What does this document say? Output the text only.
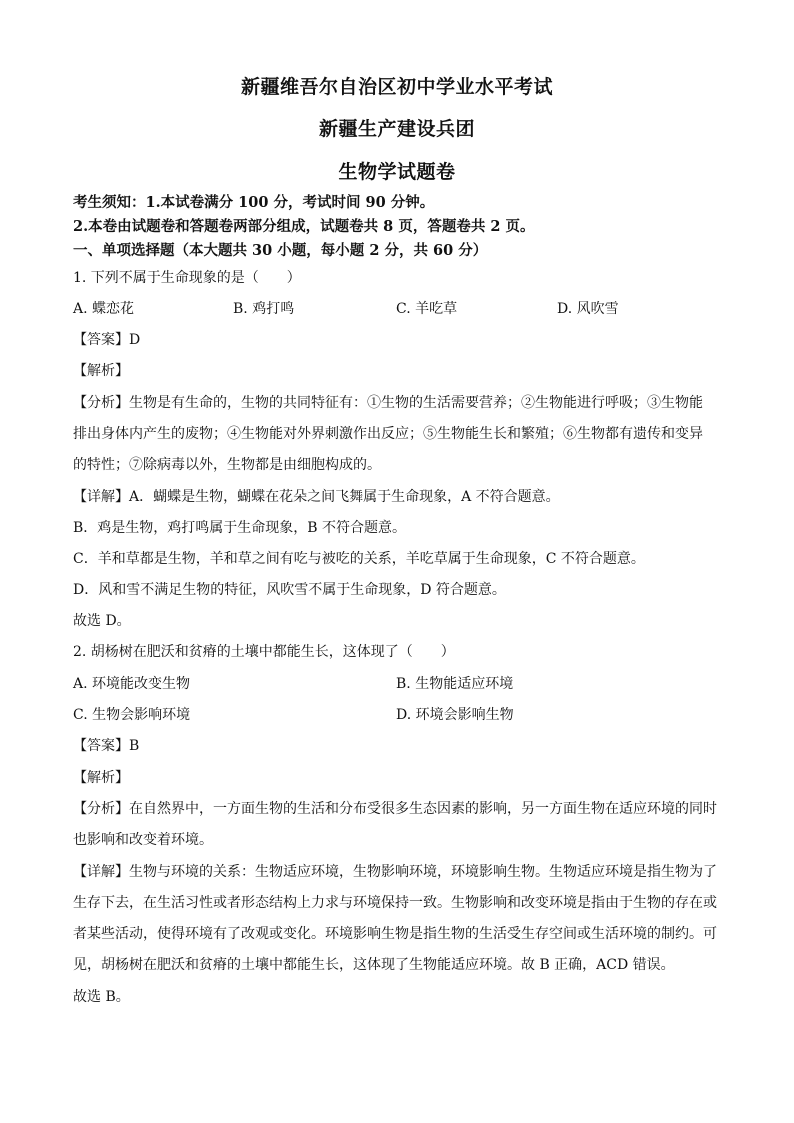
新疆维吾尔自治区初中学业水平考试
新疆生产建设兵团
生物学试题卷
考生须知：1.本试卷满分 100 分，考试时间 90 分钟。
2.本卷由试题卷和答题卷两部分组成，试题卷共 8 页，答题卷共 2 页。
一、单项选择题（本大题共 30 小题，每小题 2 分，共 60 分）
1. 下列不属于生命现象的是（　　）
A. 蝶恋花	B. 鸡打鸣	C. 羊吃草	D. 风吹雪
【答案】D
【解析】
【分析】生物是有生命的，生物的共同特征有：①生物的生活需要营养；②生物能进行呼吸；③生物能
排出身体内产生的废物；④生物能对外界刺激作出反应；⑤生物能生长和繁殖；⑥生物都有遗传和变异
的特性；⑦除病毒以外，生物都是由细胞构成的。
【详解】A．蝴蝶是生物，蝴蝶在花朵之间飞舞属于生命现象，A 不符合题意。
B．鸡是生物，鸡打鸣属于生命现象，B 不符合题意。
C．羊和草都是生物，羊和草之间有吃与被吃的关系，羊吃草属于生命现象，C 不符合题意。
D．风和雪不满足生物的特征，风吹雪不属于生命现象，D 符合题意。
故选 D。
2. 胡杨树在肥沃和贫瘠的土壤中都能生长，这体现了（　　）
A. 环境能改变生物	B. 生物能适应环境
C. 生物会影响环境	D. 环境会影响生物
【答案】B
【解析】
【分析】在自然界中，一方面生物的生活和分布受很多生态因素的影响，另一方面生物在适应环境的同时
也影响和改变着环境。
【详解】生物与环境的关系：生物适应环境，生物影响环境，环境影响生物。生物适应环境是指生物为了
生存下去，在生活习性或者形态结构上力求与环境保持一致。生物影响和改变环境是指由于生物的存在或
者某些活动，使得环境有了改观或变化。环境影响生物是指生物的生活受生存空间或生活环境的制约。可
见，胡杨树在肥沃和贫瘠的土壤中都能生长，这体现了生物能适应环境。故 B 正确，ACD 错误。
故选 B。
